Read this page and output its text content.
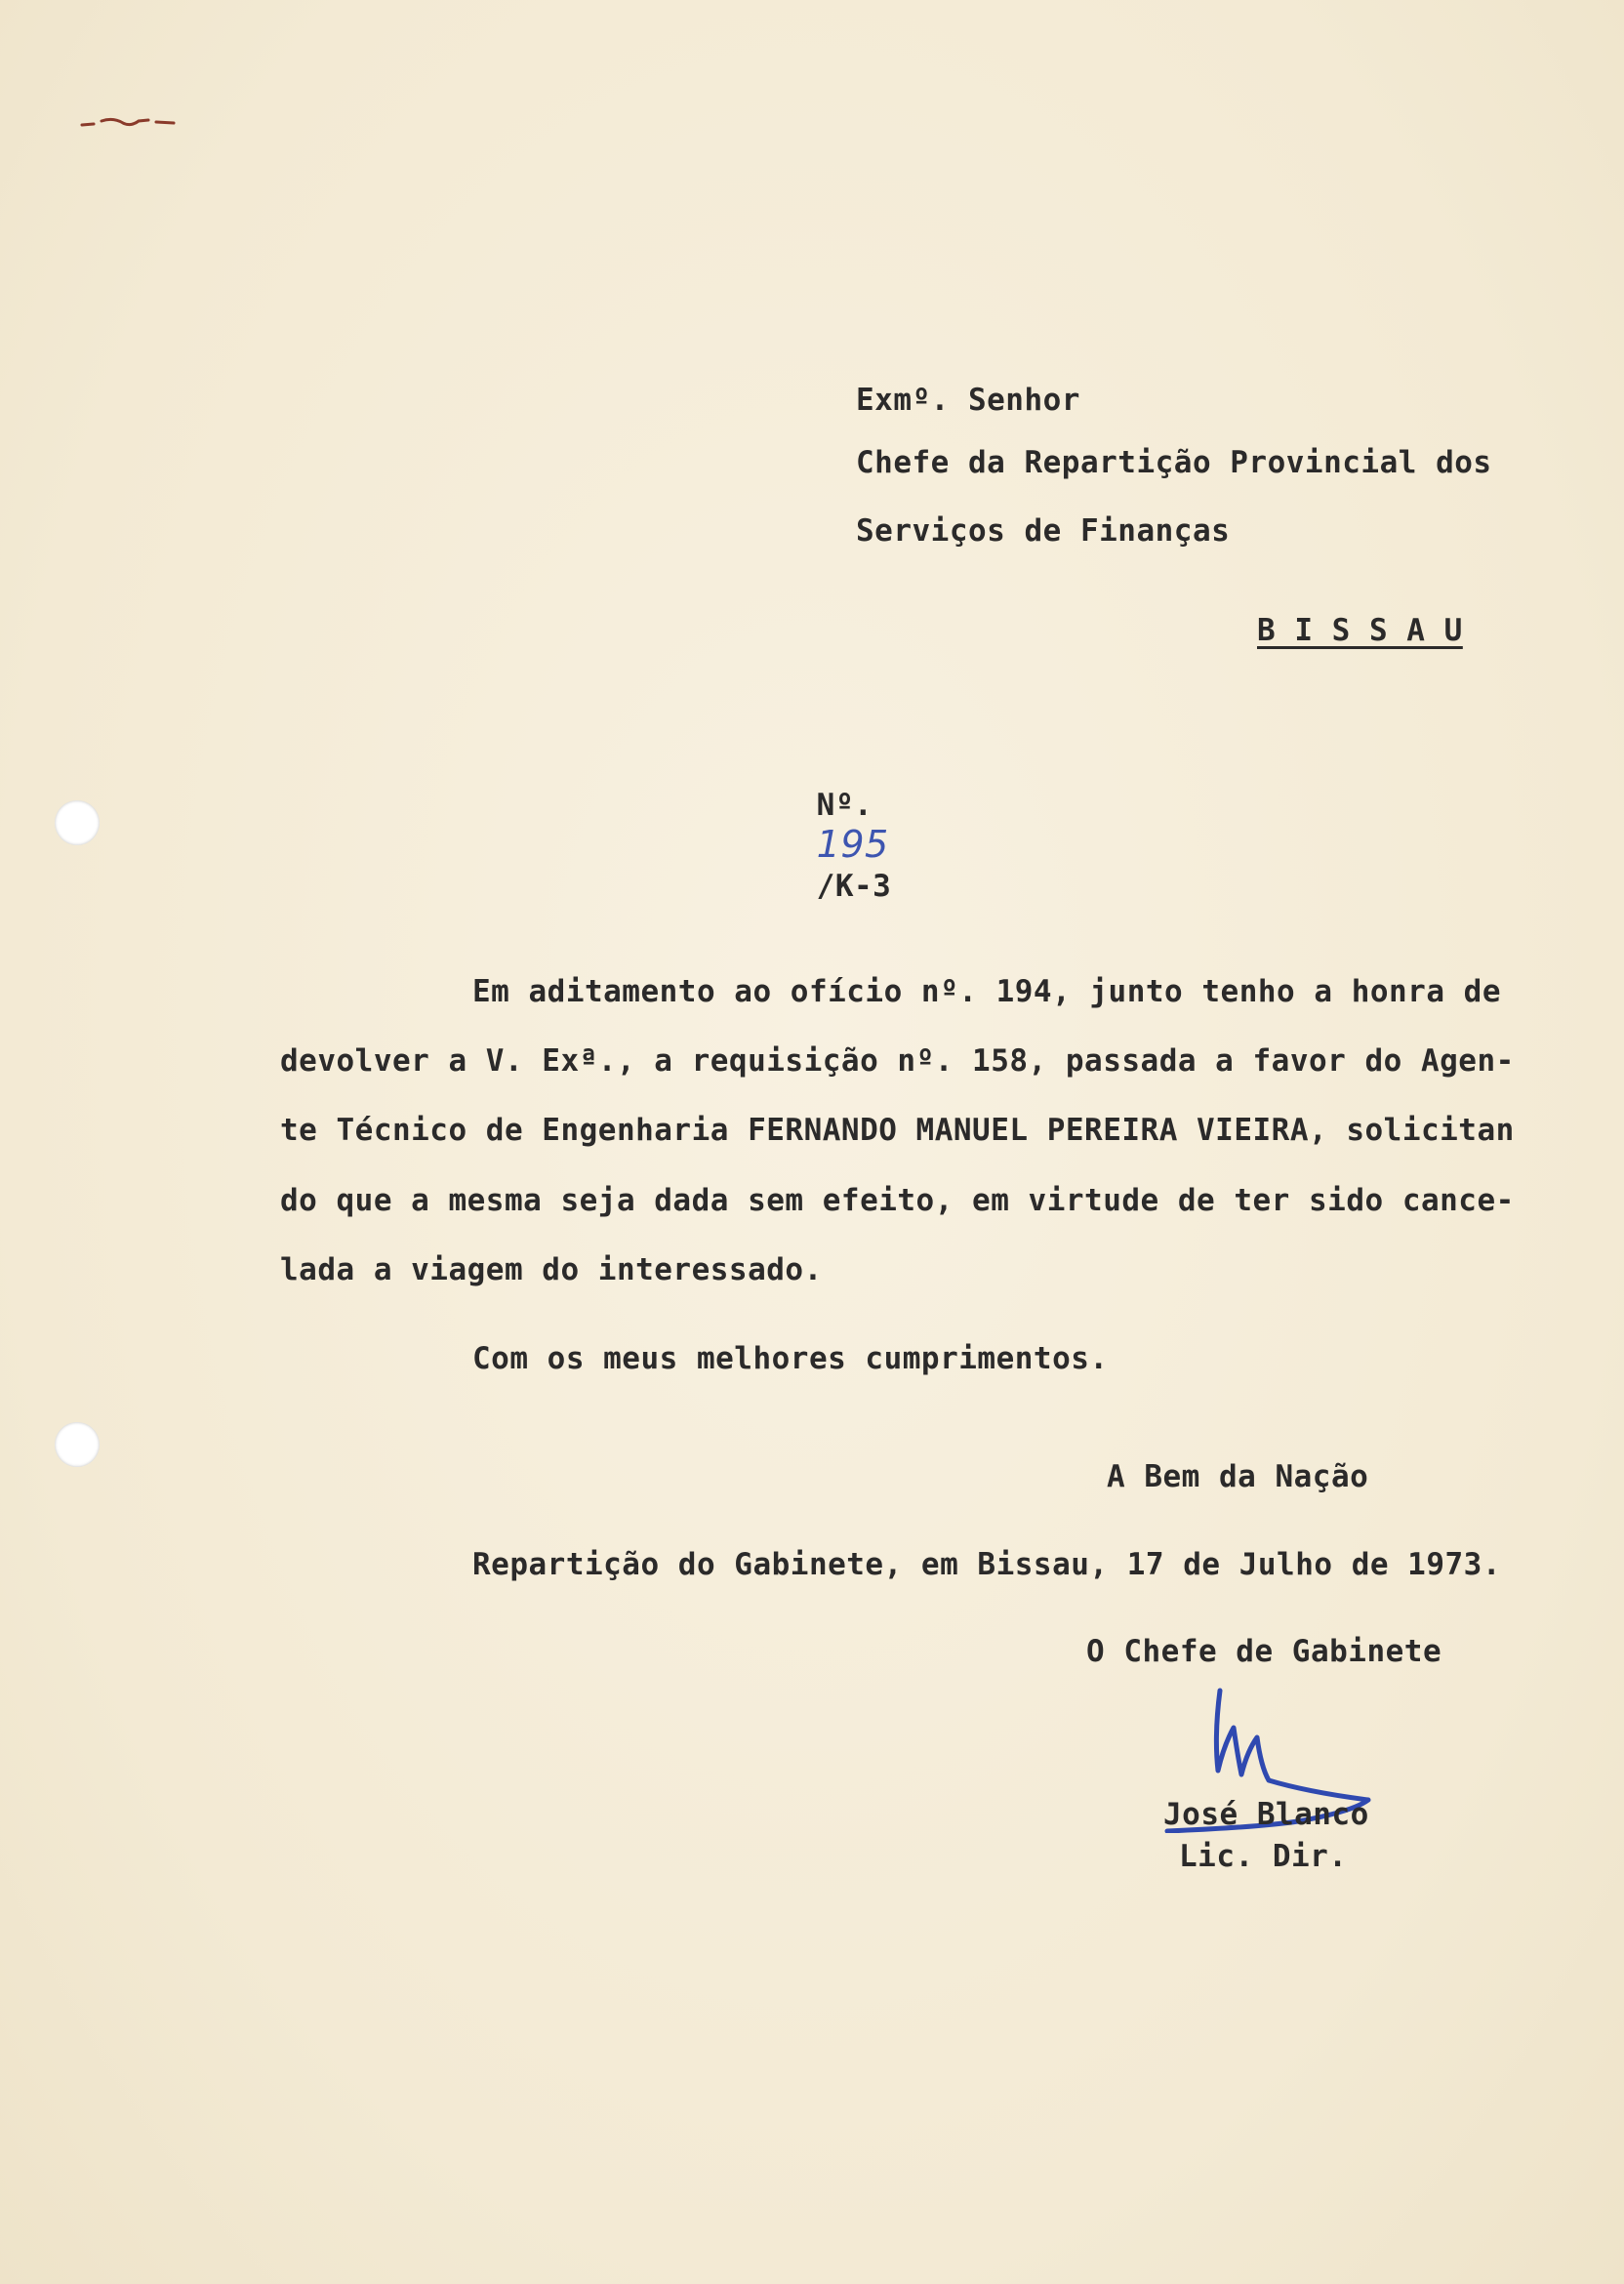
Exmº. Senhor
Chefe da Repartição Provincial dos
Serviços de Finanças
B I S S A U

Nº.
195
/K-3

Em aditamento ao ofício nº. 194, junto tenho a honra de
devolver a V. Exª., a requisição nº. 158, passada a favor do Agen-
te Técnico de Engenharia FERNANDO MANUEL PEREIRA VIEIRA, solicitan
do que a mesma seja dada sem efeito, em virtude de ter sido cance-
lada a viagem do interessado.
Com os meus melhores cumprimentos.
A Bem da Nação
Repartição do Gabinete, em Bissau, 17 de Julho de 1973.
O Chefe de Gabinete
José Blanco
Lic. Dir.
